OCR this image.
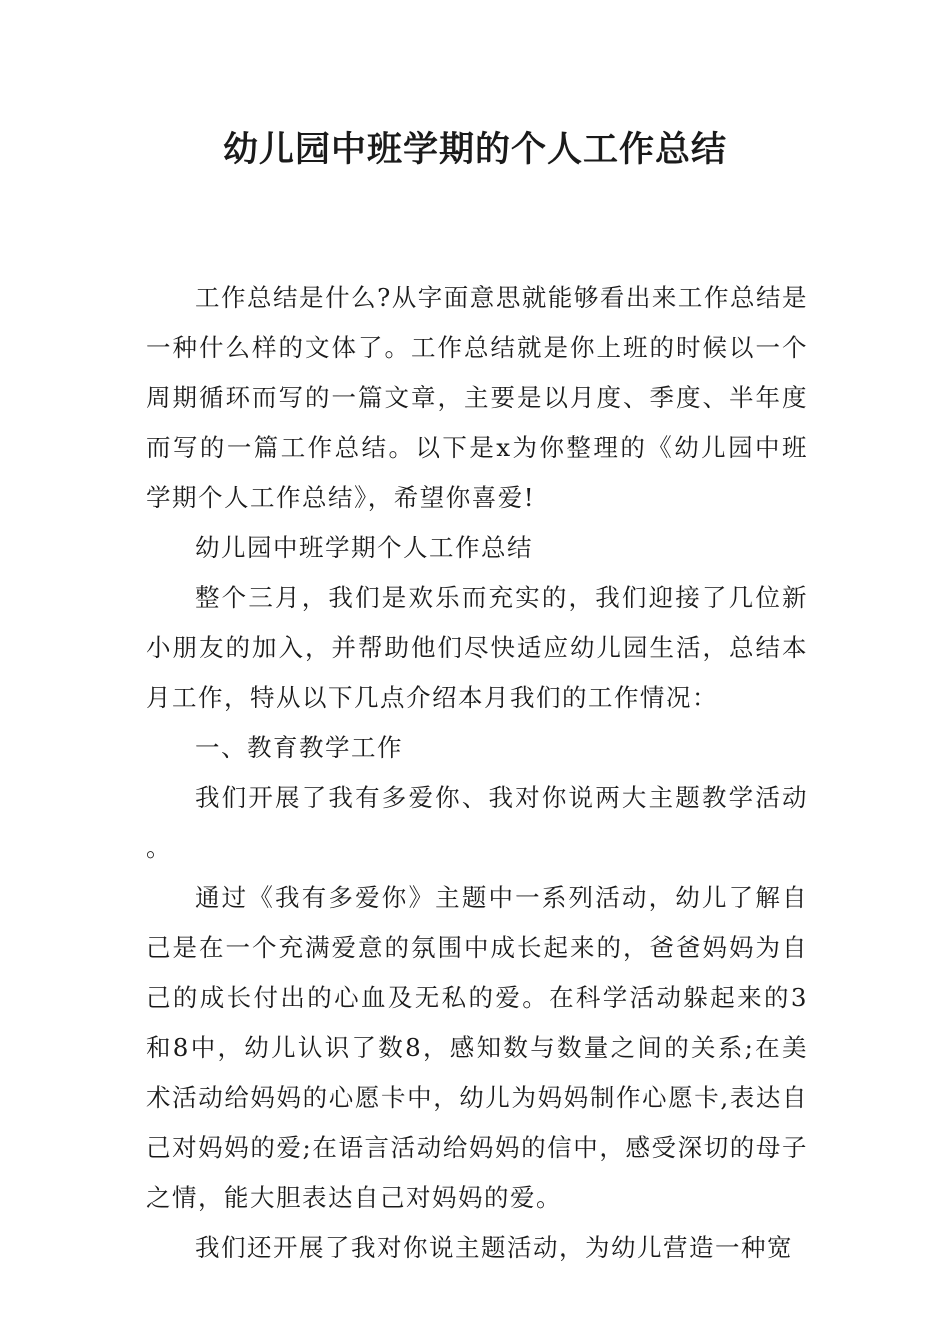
幼儿园中班学期的个人工作总结

工作总结是什么?从字面意思就能够看出来工作总结是一种什么样的文体了。工作总结就是你上班的时候以一个周期循环而写的一篇文章，主要是以月度、季度、半年度而写的一篇工作总结。以下是x为你整理的《幼儿园中班学期个人工作总结》，希望你喜爱!

幼儿园中班学期个人工作总结

整个三月，我们是欢乐而充实的，我们迎接了几位新小朋友的加入，并帮助他们尽快适应幼儿园生活，总结本月工作，特从以下几点介绍本月我们的工作情况：

一、教育教学工作

我们开展了我有多爱你、我对你说两大主题教学活动。

通过《我有多爱你》主题中一系列活动，幼儿了解自己是在一个充满爱意的氛围中成长起来的，爸爸妈妈为自己的成长付出的心血及无私的爱。在科学活动躲起来的3和8中，幼儿认识了数8，感知数与数量之间的关系;在美术活动给妈妈的心愿卡中，幼儿为妈妈制作心愿卡,表达自己对妈妈的爱;在语言活动给妈妈的信中，感受深切的母子之情，能大胆表达自己对妈妈的爱。

我们还开展了我对你说主题活动，为幼儿营造一种宽
